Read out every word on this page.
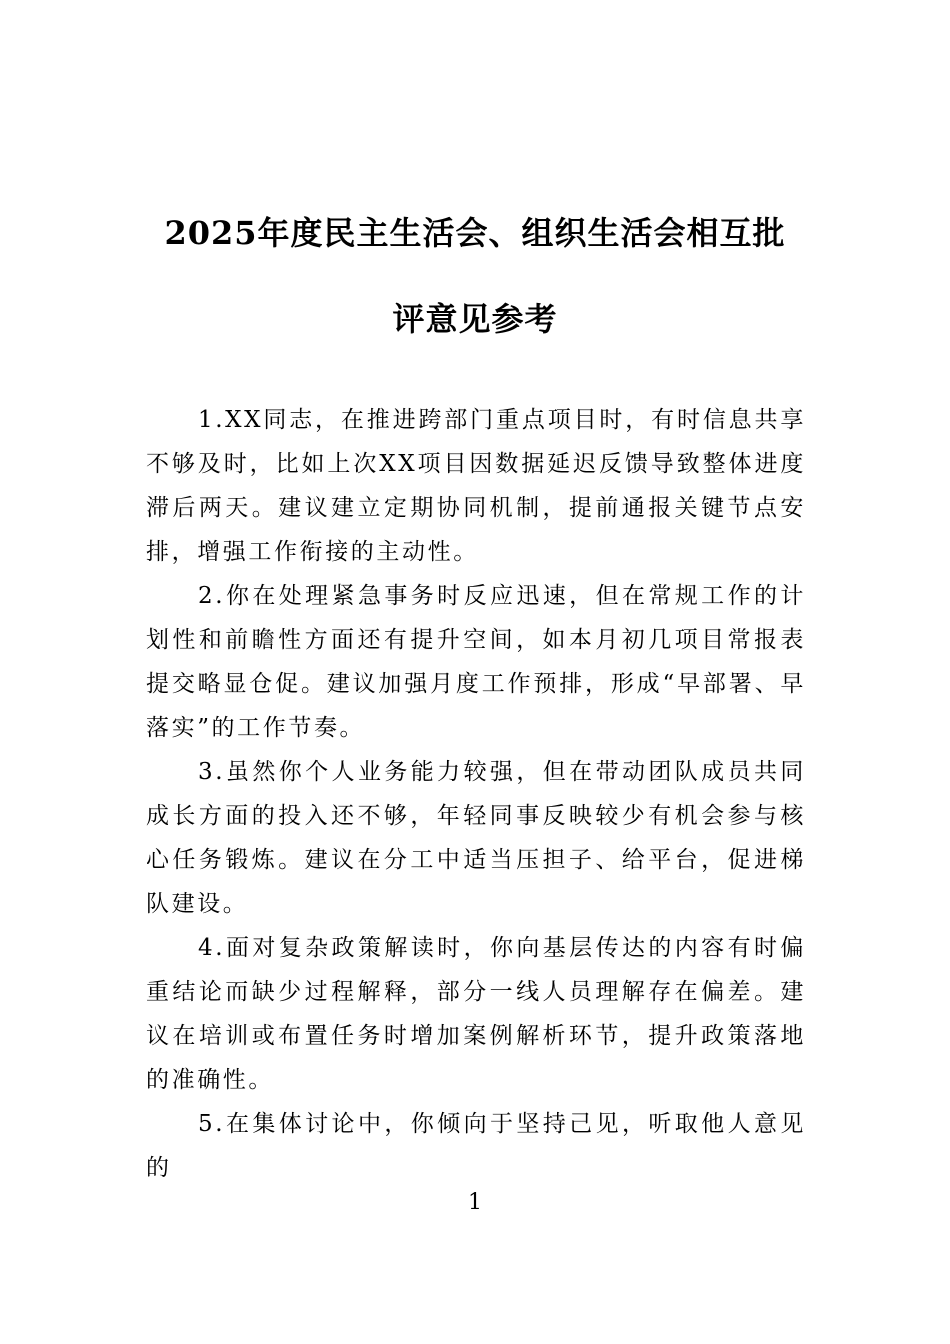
2025年度民主生活会、组织生活会相互批
评意见参考

1.XX同志，在推进跨部门重点项目时，有时信息共享不够及时，比如上次XX项目因数据延迟反馈导致整体进度滞后两天。建议建立定期协同机制，提前通报关键节点安排，增强工作衔接的主动性。

2.你在处理紧急事务时反应迅速，但在常规工作的计划性和前瞻性方面还有提升空间，如本月初几项目常报表提交略显仓促。建议加强月度工作预排，形成“早部署、早落实”的工作节奏。

3.虽然你个人业务能力较强，但在带动团队成员共同成长方面的投入还不够，年轻同事反映较少有机会参与核心任务锻炼。建议在分工中适当压担子、给平台，促进梯队建设。

4.面对复杂政策解读时，你向基层传达的内容有时偏重结论而缺少过程解释，部分一线人员理解存在偏差。建议在培训或布置任务时增加案例解析环节，提升政策落地的准确性。

5.在集体讨论中，你倾向于坚持己见，听取他人意见的

1
